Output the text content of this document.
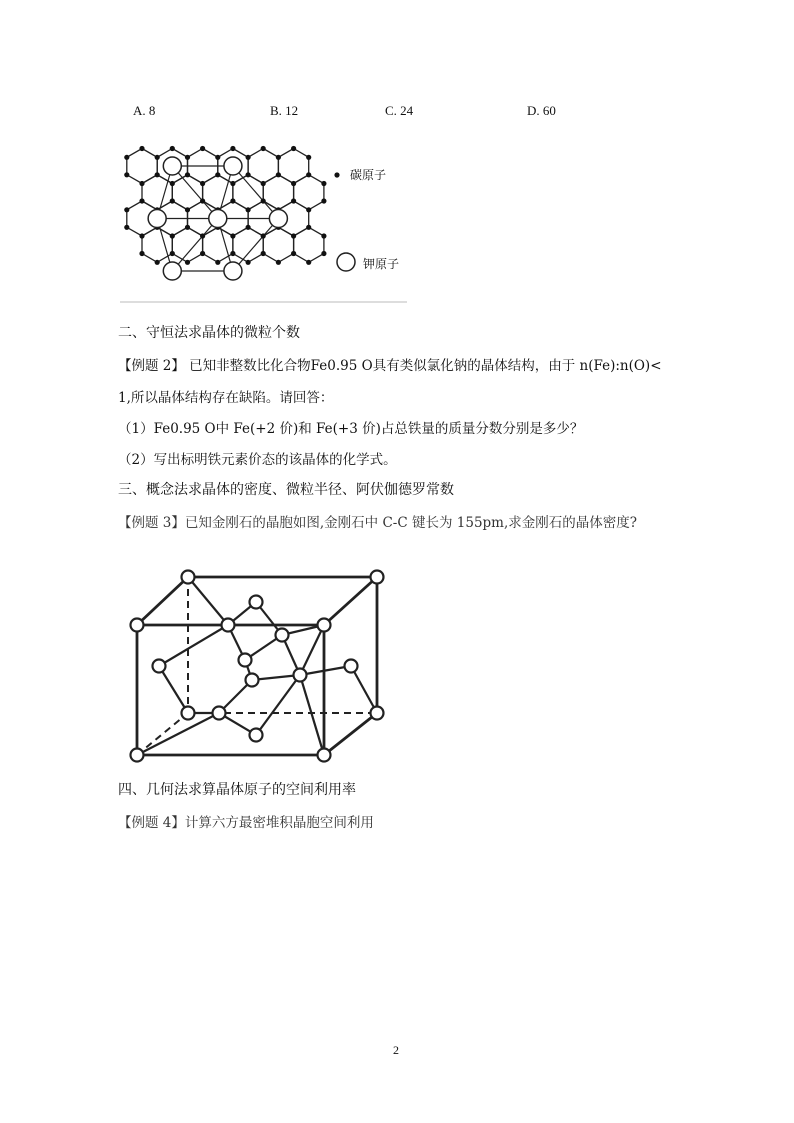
A. 8	B. 12	C. 24	D. 60
碳原子
钾原子
二、守恒法求晶体的微粒个数
【例题 2】 已知非整数比化合物Fe0.95 O具有类似氯化钠的晶体结构，由于 n(Fe):n(O)<
1,所以晶体结构存在缺陷。请回答：
（1）Fe0.95 O中 Fe(+2 价)和 Fe(+3 价)占总铁量的质量分数分别是多少？
（2）写出标明铁元素价态的该晶体的化学式。
三、概念法求晶体的密度、微粒半径、阿伏伽德罗常数
【例题 3】已知金刚石的晶胞如图,金刚石中 C-C 键长为 155pm,求金刚石的晶体密度?
四、几何法求算晶体原子的空间利用率
【例题 4】计算六方最密堆积晶胞空间利用
2
